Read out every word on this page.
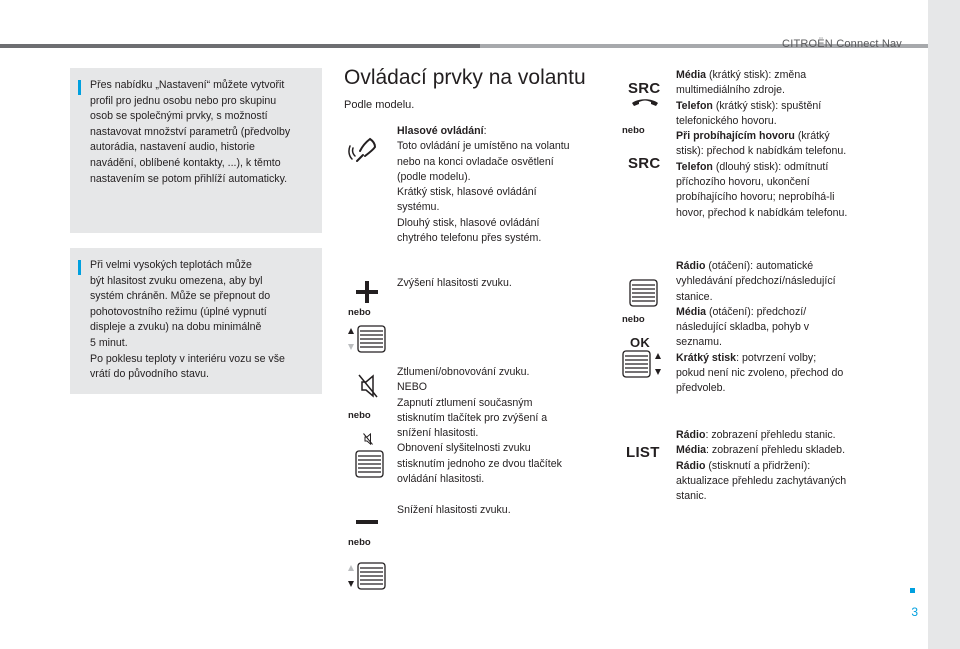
CITROËN Connect Nav

Přes nabídku „Nastavení“ můžete vytvořit
profil pro jednu osobu nebo pro skupinu
osob se společnými prvky, s možností
nastavovat množství parametrů (předvolby
autorádia, nastavení audio, historie
navádění, oblíbené kontakty, ...), k těmto
nastavením se potom přihlíží automaticky.

Při velmi vysokých teplotách může
být hlasitost zvuku omezena, aby byl
systém chráněn. Může se přepnout do
pohotovostního režimu (úplné vypnutí
displeje a zvuku) na dobu minimálně
5 minut.
Po poklesu teploty v interiéru vozu se vše
vrátí do původního stavu.

Ovládací prvky na volantu
Podle modelu.
Hlasové ovládání:
Toto ovládání je umístěno na volantu
nebo na konci ovladače osvětlení
(podle modelu).
Krátký stisk, hlasové ovládání
systému.
Dlouhý stisk, hlasové ovládání
chytrého telefonu přes systém.
nebo
Zvýšení hlasitosti zvuku.
nebo
Ztlumení/obnovování zvuku.
NEBO
Zapnutí ztlumení současným
stisknutím tlačítek pro zvýšení a
snížení hlasitosti.
Obnovení slyšitelnosti zvuku
stisknutím jednoho ze dvou tlačítek
ovládání hlasitosti.
nebo
Snížení hlasitosti zvuku.
SRC
nebo
SRC
Média (krátký stisk): změna
multimediálního zdroje.
Telefon (krátký stisk): spuštění
telefonického hovoru.
Při probíhajícím hovoru (krátký
stisk): přechod k nabídkám telefonu.
Telefon (dlouhý stisk): odmítnutí
příchozího hovoru, ukončení
probíhajícího hovoru; neprobíhá-li
hovor, přechod k nabídkám telefonu.
nebo
OK
Rádio (otáčení): automatické
vyhledávání předchozí/následující
stanice.
Média (otáčení): předchozí/
následující skladba, pohyb v
seznamu.
Krátký stisk: potvrzení volby;
pokud není nic zvoleno, přechod do
předvoleb.
LIST
Rádio: zobrazení přehledu stanic.
Média: zobrazení přehledu skladeb.
Rádio (stisknutí a přidržení):
aktualizace přehledu zachytávaných
stanic.
3
